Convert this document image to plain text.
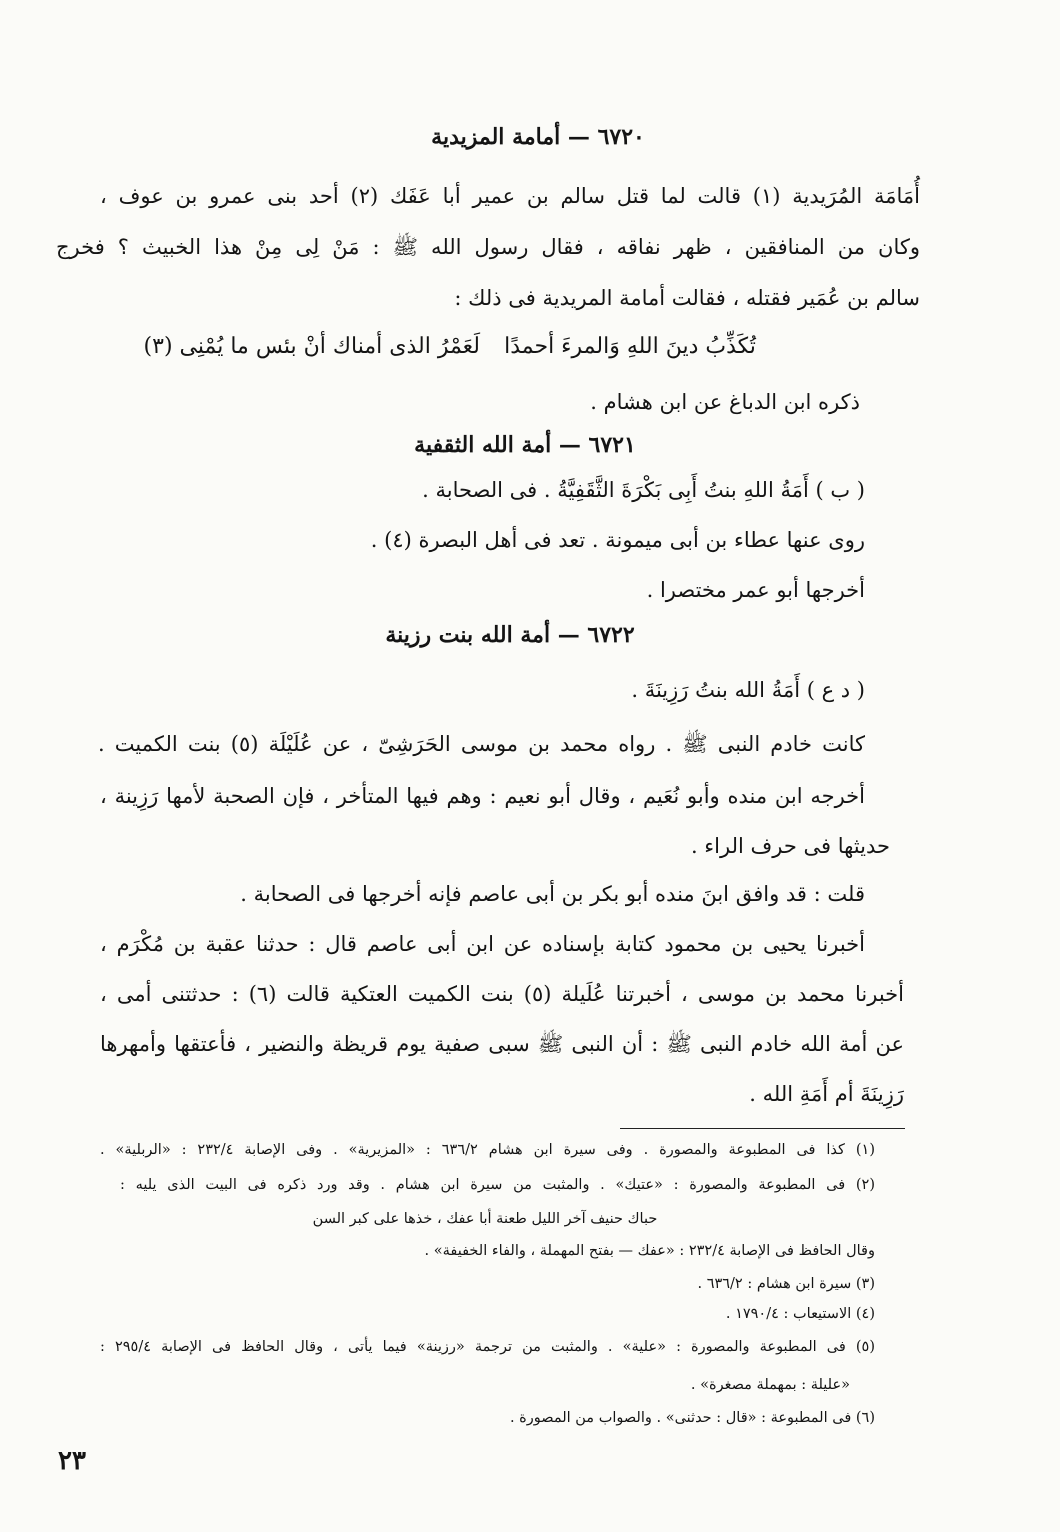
٦٧٢٠ — أمامة المزيدية
أُمَامَة المُرَيدية (١) قالت لما قتل سالم بن عمير أبا عَفَك (٢) أحد بنى عمرو بن عوف ،
وكان من المنافقين ، ظهر نفاقه ، فقال رسول الله ﷺ : مَنْ لِى مِنْ هذا الخبيث ؟ فخرج
سالم بن عُمَير فقتله ، فقالت أمامة المريدية فى ذلك :
تُكَذِّبُ دينَ اللهِ وَالمرءَ أحمدًا
لَعَمْرُ الذى أمناك أنْ بئس ما يُمْنِى (٣)
ذكره ابن الدباغ عن ابن هشام .
٦٧٢١ — أمة الله الثقفية
( ب ) أَمَةُ اللهِ بنتُ أَبِى بَكْرَةَ الثَّقَفِيَّةُ . فى الصحابة .
روى عنها عطاء بن أبى ميمونة . تعد فى أهل البصرة (٤) .
أخرجها أبو عمر مختصرا .
٦٧٢٢ — أمة الله بنت رزينة
( د ع ) أَمَةُ الله بنتُ رَزِينَةَ .
كانت خادم النبى ﷺ . رواه محمد بن موسى الحَرَشِىّ ، عن عُلَيْلَة (٥) بنت الكميت .
أخرجه ابن منده وأبو نُعَيم ، وقال أبو نعيم : وهم فيها المتأخر ، فإن الصحبة لأمها رَزِينة ،
حديثها فى حرف الراء .
قلت : قد وافق ابنَ منده أبو بكر بن أبى عاصم فإنه أخرجها فى الصحابة .
أخبرنا يحيى بن محمود كتابة بإسناده عن ابن أبى عاصم قال : حدثنا عقبة بن مُكْرَم ،
أخبرنا محمد بن موسى ، أخبرتنا عُلَيلة (٥) بنت الكميت العتكية قالت (٦) : حدثتنى أمى ،
عن أمة الله خادم النبى ﷺ : أن النبى ﷺ سبى صفية يوم قريظة والنضير ، فأعتقها وأمهرها
رَزِينَةَ أم أَمَةِ الله .
(١) كذا فى المطبوعة والمصورة . وفى سيرة ابن هشام ٦٣٦/٢ : «المزيرية» . وفى الإصابة ٢٣٢/٤ : «الربلية» .
(٢) فى المطبوعة والمصورة : «عتيك» . والمثبت من سيرة ابن هشام . وقد ورد ذكره فى البيت الذى يليه :
حباك حنيف آخر الليل طعنة أبا عفك ، خذها على كبر السن
وقال الحافظ فى الإصابة ٢٣٢/٤ : «عفك — بفتح المهملة ، والفاء الخفيفة» .
(٣) سيرة ابن هشام : ٦٣٦/٢ .
(٤) الاستيعاب : ١٧٩٠/٤ .
(٥) فى المطبوعة والمصورة : «علية» . والمثبت من ترجمة «رزينة» فيما يأتى ، وقال الحافظ فى الإصابة ٢٩٥/٤ :
«عليلة : بمهملة مصغرة» .
(٦) فى المطبوعة : «قال : حدثنى» . والصواب من المصورة .
٢٣
